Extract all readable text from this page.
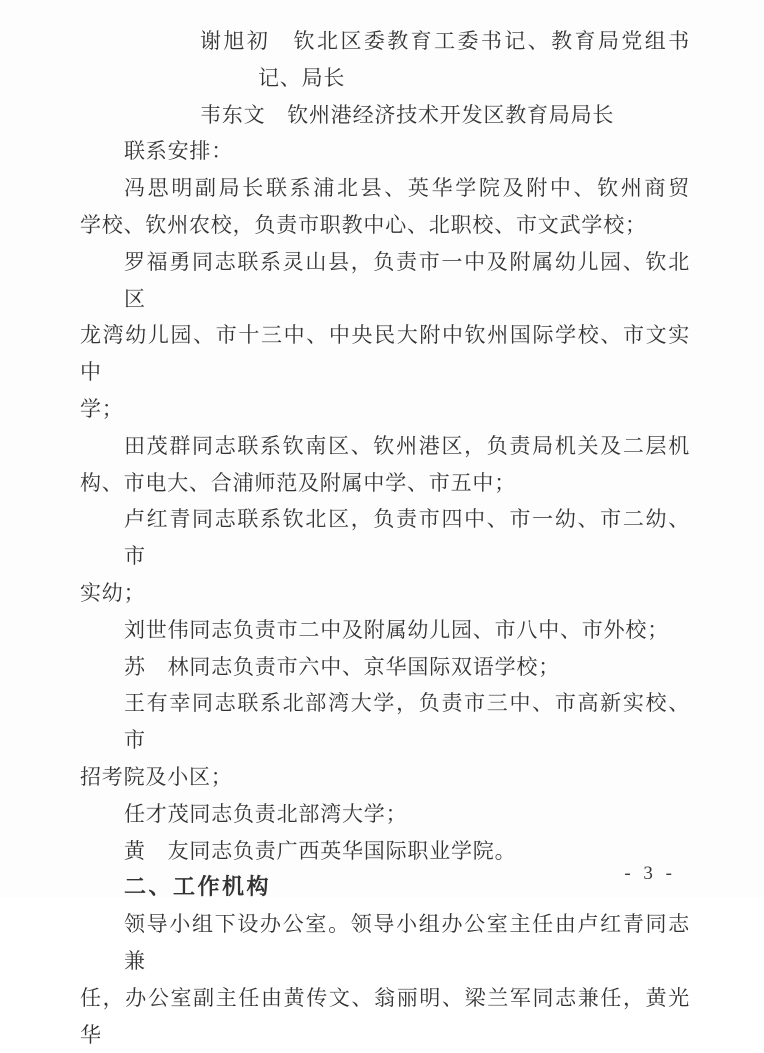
谢旭初　钦北区委教育工委书记、教育局党组书
记、局长
韦东文　钦州港经济技术开发区教育局局长
联系安排：
冯思明副局长联系浦北县、英华学院及附中、钦州商贸
学校、钦州农校，负责市职教中心、北职校、市文武学校；
罗福勇同志联系灵山县，负责市一中及附属幼儿园、钦北区
龙湾幼儿园、市十三中、中央民大附中钦州国际学校、市文实中
学；
田茂群同志联系钦南区、钦州港区，负责局机关及二层机
构、市电大、合浦师范及附属中学、市五中；
卢红青同志联系钦北区，负责市四中、市一幼、市二幼、市
实幼；
刘世伟同志负责市二中及附属幼儿园、市八中、市外校；
苏　林同志负责市六中、京华国际双语学校；
王有幸同志联系北部湾大学，负责市三中、市高新实校、市
招考院及小区；
任才茂同志负责北部湾大学；
黄　友同志负责广西英华国际职业学院。
二、工作机构
领导小组下设办公室。领导小组办公室主任由卢红青同志兼
任，办公室副主任由黄传文、翁丽明、梁兰军同志兼任，黄光华
- 3 -
